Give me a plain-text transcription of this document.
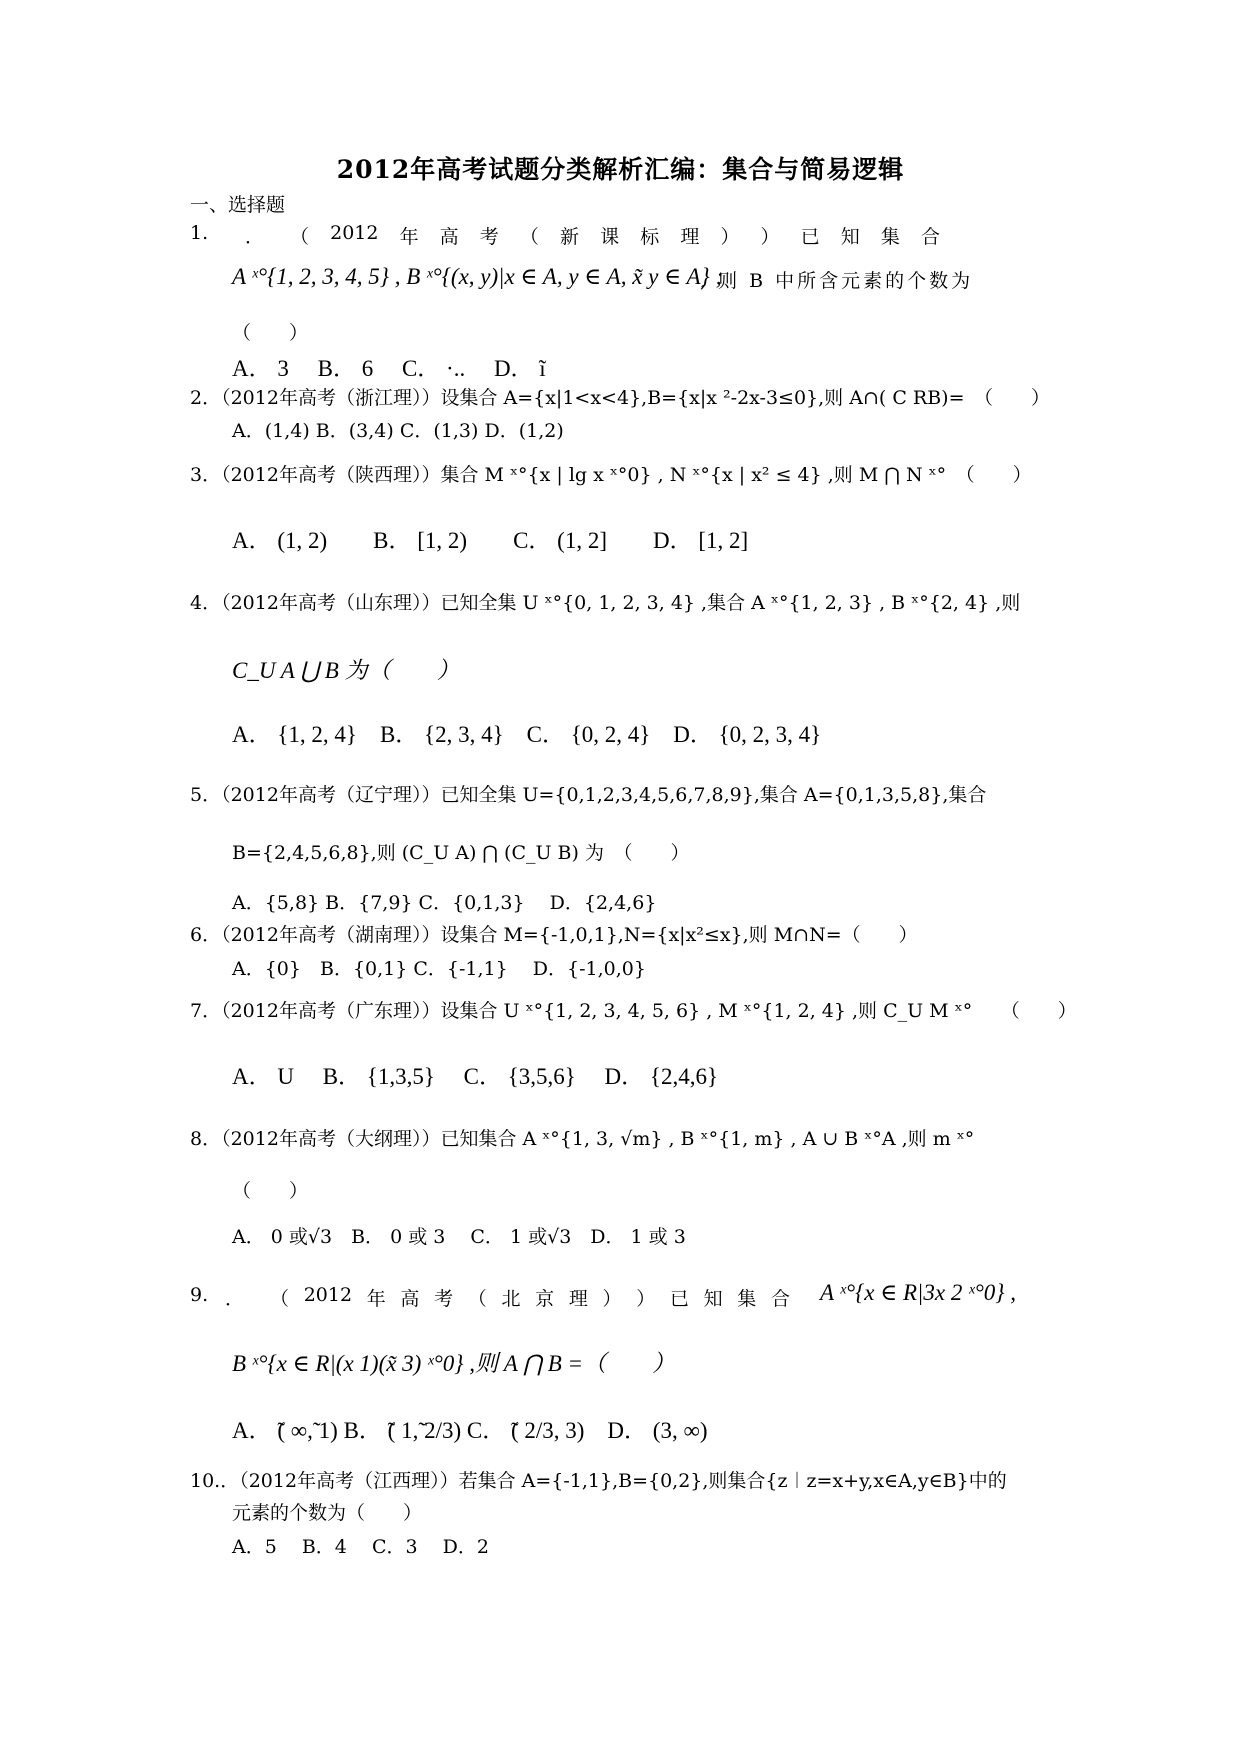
2012年高考试题分类解析汇编：集合与简易逻辑
一、选择题
1. ． （ 2012 年 高 考 （ 新 课 标 理 ） ） 已 知 集 合
A ˣ°{1, 2, 3, 4, 5} , B ˣ°{(x, y)|x ∈ A, y ∈ A, x̃ y ∈ A} ;
, 则 B 中所含元素的个数为
（　　）
A． 3　 B． 6　 C． ·..　 D． ĩ
2．（2012年高考（浙江理））设集合 A={x|1<x<4},B={x|x ²-2x-3≤0},则 A∩( C RB)=　（　　）
A．(1,4) B．(3,4) C．(1,3) D．(1,2)
3．（2012年高考（陕西理））集合 M ˣ°{x | lg x ˣ°0} , N ˣ°{x | x² ≤ 4} ,则 M ⋂ N ˣ°　（　　）
A． (1, 2)　　B． [1, 2)　　C． (1, 2]　　D． [1, 2]
4．（2012年高考（山东理））已知全集 U ˣ°{0, 1, 2, 3, 4} ,集合 A ˣ°{1, 2, 3} , B ˣ°{2, 4} ,则
C_U A ⋃ B 为（　　）
A． {1, 2, 4}　B． {2, 3, 4}　C． {0, 2, 4}　D． {0, 2, 3, 4}
5．（2012年高考（辽宁理））已知全集 U={0,1,2,3,4,5,6,7,8,9},集合 A={0,1,3,5,8},集合
B={2,4,5,6,8},则 (C_U A) ⋂ (C_U B) 为　（　　）
A．{5,8} B．{7,9} C．{0,1,3}　 D．{2,4,6}
6．（2012年高考（湖南理））设集合 M={-1,0,1},N={x|x²≤x},则 M∩N=（　　）
A．{0}　B．{0,1} C．{-1,1}　 D．{-1,0,0}
7．（2012年高考（广东理））设集合 U ˣ°{1, 2, 3, 4, 5, 6} , M ˣ°{1, 2, 4} ,则 C_U M ˣ°　　（　　）
A． U　 B． {1,3,5}　 C． {3,5,6}　 D． {2,4,6}
8．（2012年高考（大纲理））已知集合 A ˣ°{1, 3, √m} , B ˣ°{1, m} , A ∪ B ˣ°A ,则 m ˣ°
（　　）
A． 0 或√3　B． 0 或 3　 C． 1 或√3　D． 1 或 3
9. ． （ 2012 年 高 考 （ 北 京 理 ） ） 已 知 集 合 A ˣ°{x ∈ R|3x 2 ˣ°0} ,
B ˣ°{x ∈ R|(x 1)(x̃ 3) ˣ°0} ,则 A ⋂ B =（　　）
A． ̃( ∞,̃ 1) B． ̃( 1,̃ 2/3) C． ̃( 2/3, 3)　D． (3, ∞)
10.．（2012年高考（江西理））若集合 A={-1,1},B={0,2},则集合{z︱z=x+y,x∈A,y∈B}中的
元素的个数为（　　）
A．5　 B．4　 C．3　 D．2
